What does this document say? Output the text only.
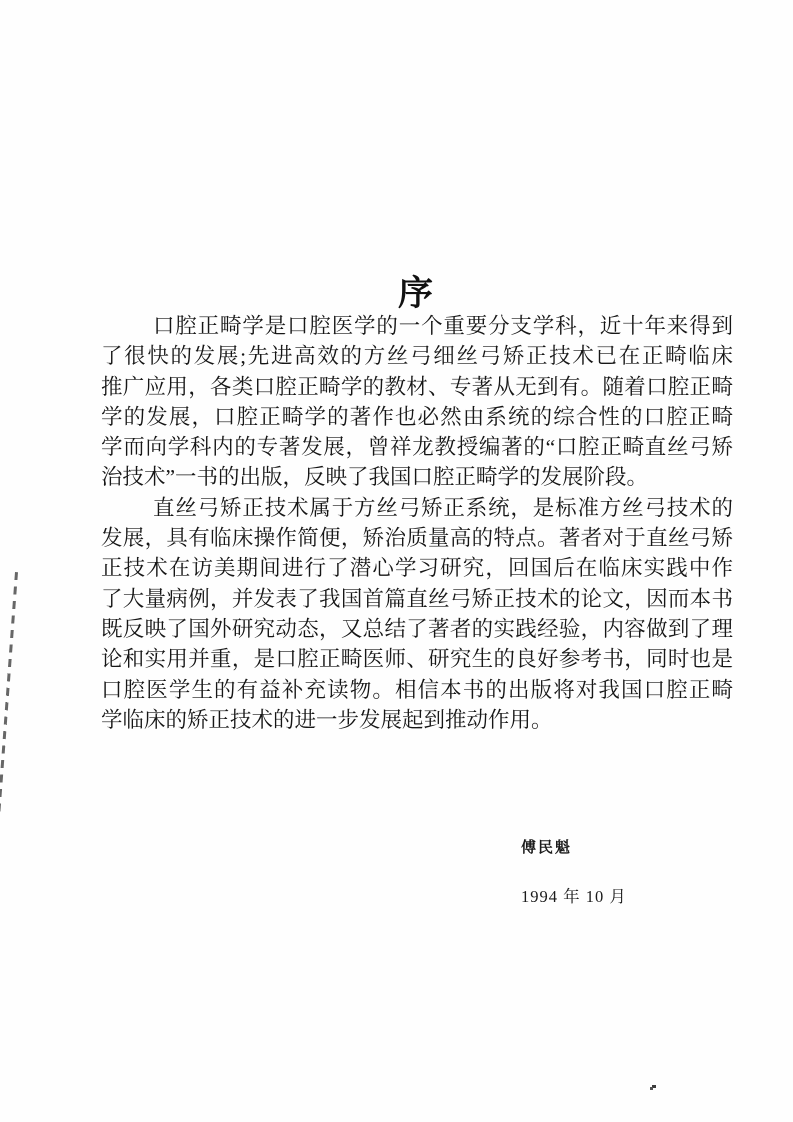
序
口腔正畸学是口腔医学的一个重要分支学科，近十年来得到
了很快的发展;先进高效的方丝弓细丝弓矫正技术已在正畸临床
推广应用，各类口腔正畸学的教材、专著从无到有。随着口腔正畸
学的发展，口腔正畸学的著作也必然由系统的综合性的口腔正畸
学而向学科内的专著发展，曾祥龙教授编著的“口腔正畸直丝弓矫
治技术”一书的出版，反映了我国口腔正畸学的发展阶段。
直丝弓矫正技术属于方丝弓矫正系统，是标准方丝弓技术的
发展，具有临床操作简便，矫治质量高的特点。著者对于直丝弓矫
正技术在访美期间进行了潜心学习研究，回国后在临床实践中作
了大量病例，并发表了我国首篇直丝弓矫正技术的论文，因而本书
既反映了国外研究动态，又总结了著者的实践经验，内容做到了理
论和实用并重，是口腔正畸医师、研究生的良好参考书，同时也是
口腔医学生的有益补充读物。相信本书的出版将对我国口腔正畸
学临床的矫正技术的进一步发展起到推动作用。
傅民魁
1994 年 10 月
